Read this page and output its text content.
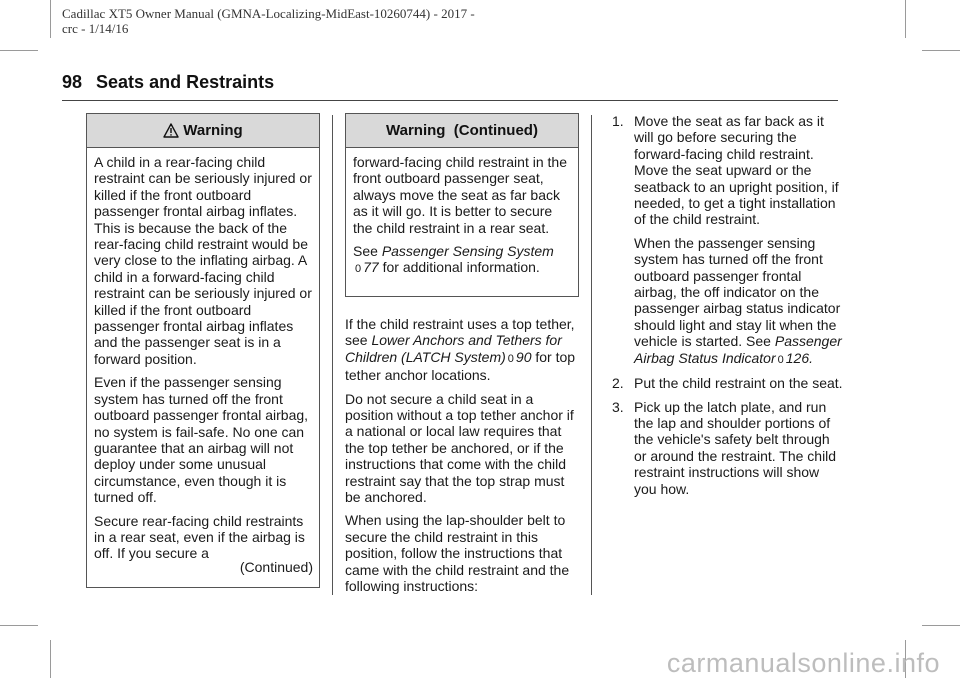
Cadillac XT5 Owner Manual (GMNA-Localizing-MidEast-10260744) - 2017 -
crc - 1/14/16
98 Seats and Restraints
Warning

A child in a rear-facing child restraint can be seriously injured or killed if the front outboard passenger frontal airbag inflates. This is because the back of the rear-facing child restraint would be very close to the inflating airbag. A child in a forward-facing child restraint can be seriously injured or killed if the front outboard passenger frontal airbag inflates and the passenger seat is in a forward position.

Even if the passenger sensing system has turned off the front outboard passenger frontal airbag, no system is fail-safe. No one can guarantee that an airbag will not deploy under some unusual circumstance, even though it is turned off.

Secure rear-facing child restraints in a rear seat, even if the airbag is off. If you secure a

(Continued)
Warning  (Continued)

forward-facing child restraint in the front outboard passenger seat, always move the seat as far back as it will go. It is better to secure the child restraint in a rear seat.

See Passenger Sensing System
0 77 for additional information.

If the child restraint uses a top tether, see Lower Anchors and Tethers for Children (LATCH System) 0 90 for top tether anchor locations.

Do not secure a child seat in a position without a top tether anchor if a national or local law requires that the top tether be anchored, or if the instructions that come with the child restraint say that the top strap must be anchored.

When using the lap-shoulder belt to secure the child restraint in this position, follow the instructions that came with the child restraint and the following instructions:

1. Move the seat as far back as it will go before securing the forward-facing child restraint. Move the seat upward or the seatback to an upright position, if needed, to get a tight installation of the child restraint.

When the passenger sensing system has turned off the front outboard passenger frontal airbag, the off indicator on the passenger airbag status indicator should light and stay lit when the vehicle is started. See Passenger Airbag Status Indicator 0 126.

2. Put the child restraint on the seat.

3. Pick up the latch plate, and run the lap and shoulder portions of the vehicle's safety belt through or around the restraint. The child restraint instructions will show you how.

carmanualsonline.info
